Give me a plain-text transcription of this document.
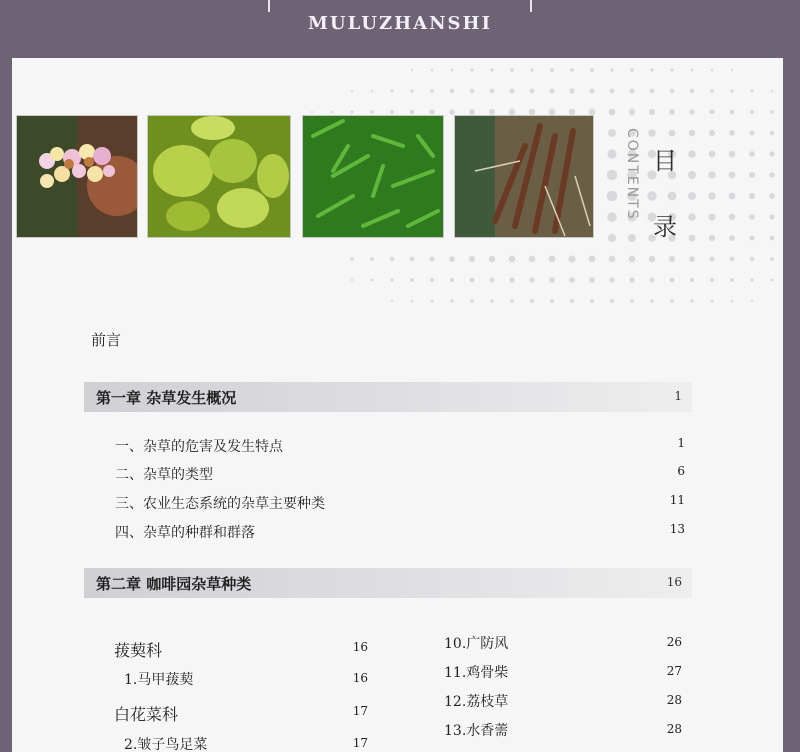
MULUZHANSHI
CONTENTS 目
录
前言
第一章 杂草发生概况	1
一、杂草的危害及发生特点	1
二、杂草的类型	6
三、农业生态系统的杂草主要种类	11
四、杂草的种群和群落	13
第二章 咖啡园杂草种类	16
菝葜科	16
1.马甲菝葜	16
白花菜科	17
2.皱子鸟足菜	17
10.广防风	26
11.鸡骨柴	27
12.荔枝草	28
13.水香薷	28
